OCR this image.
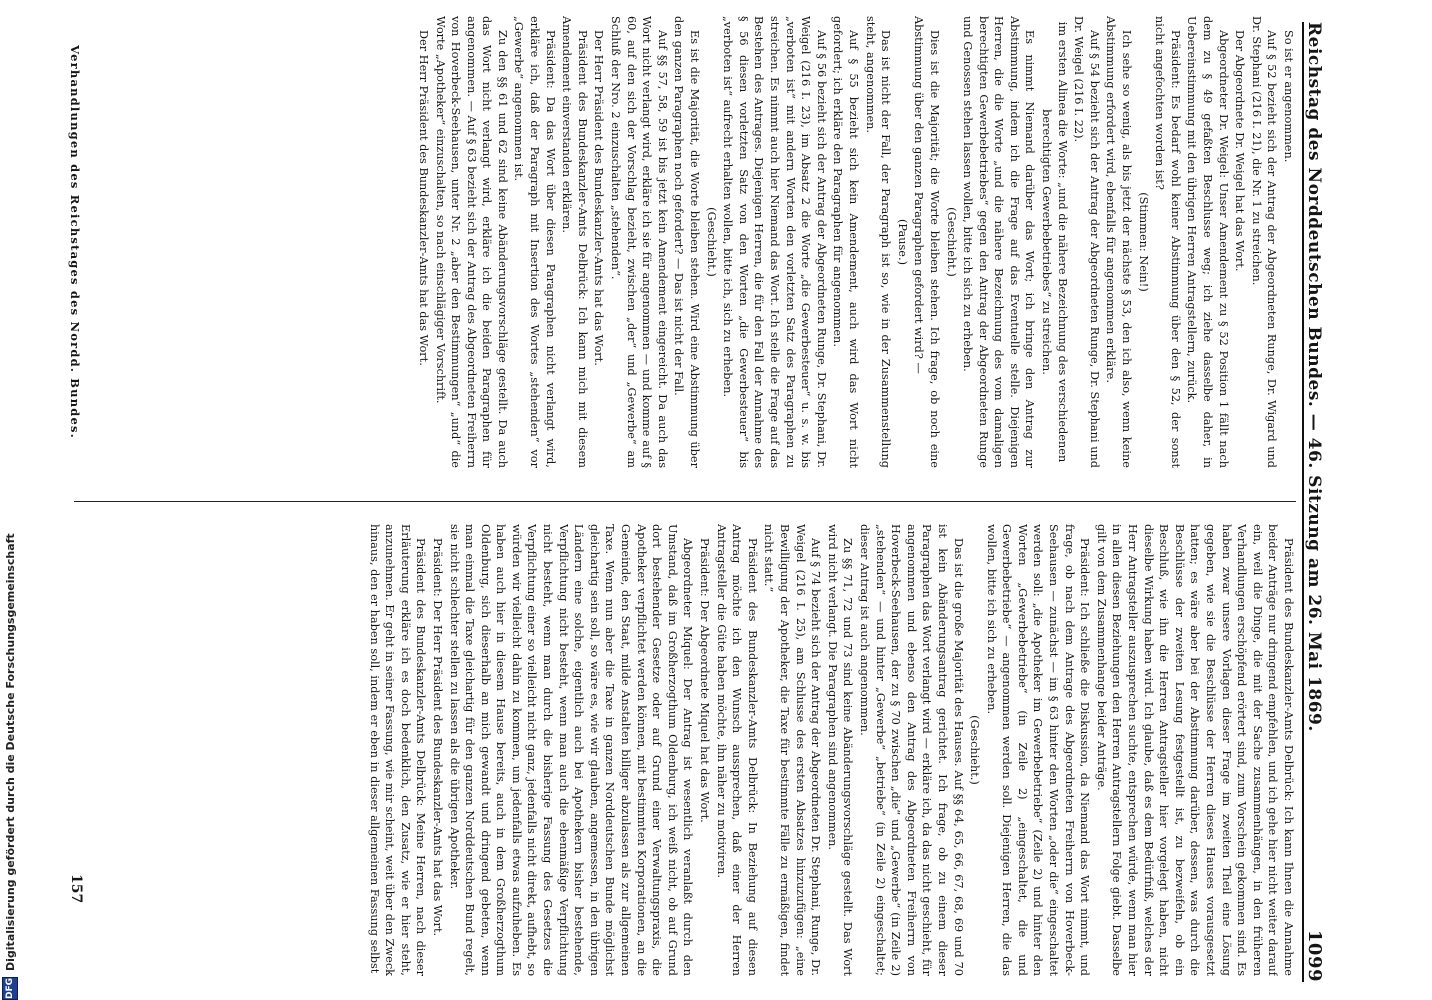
Reichstag des Norddeutschen Bundes. — 46. Sitzung am 26. Mai 1869.
1099

So ist er angenommen.

Auf § 52 bezieht sich der Antrag der Abgeordneten Runge, Dr. Wigard und Dr. Stephani (216 I. 21), die Nr. 1 zu streichen.

Der Abgeordnete Dr. Weigel hat das Wort.

Abgeordneter Dr. Weigel: Unser Amendement zu § 52 Position 1 fällt nach dem zu § 49 gefaßten Beschlusse weg; ich ziehe dasselbe daher, in Uebereinstimmung mit den übrigen Herren Antragstellern, zurück.

Präsident: Es bedarf wohl keiner Abstimmung über den § 52, der sonst nicht angefochten worden ist?

(Stimmen: Nein!)

Ich sehe so wenig, als bis jetzt der nächste § 53, den ich also, wenn keine Abstimmung erfordert wird, ebenfalls für angenommen erkläre.

Auf § 54 bezieht sich der Antrag der Abgeordneten Runge, Dr. Stephani und Dr. Weigel (216 I. 22).

im ersten Alinea die Worte: „und die nähere Bezeichnung des verschiedenen berechtigten Gewerbebetriebes“ zu streichen.

Es nimmt Niemand darüber das Wort; ich bringe den Antrag zur Abstimmung, indem ich die Frage auf das Eventuelle stelle. Diejenigen Herren, die die Worte „und die nähere Bezeichnung des vom damaligen berechtigten Gewerbebetriebes“ gegen den Antrag der Abgeordneten Runge und Genossen stehen lassen wollen, bitte ich sich zu erheben.

(Geschieht.)

Dies ist die Majorität; die Worte bleiben stehen. Ich frage, ob noch eine Abstimmung über den ganzen Paragraphen gefordert wird? —

(Pause.)

Das ist nicht der Fall, der Paragraph ist so, wie in der Zusammenstellung steht, angenommen.

Auf § 55 bezieht sich kein Amendement, auch wird das Wort nicht gefordert; ich erkläre den Paragraphen für angenommen.

Auf § 56 bezieht sich der Antrag der Abgeordneten Runge, Dr. Stephani, Dr. Weigel (216 I. 23), im Absatz 2 die Worte „die Gewerbesteuer“ u. s. w. bis „verboten ist“ mit andern Worten den vorletzten Satz des Paragraphen zu streichen. Es nimmt auch hier Niemand das Wort. Ich stelle die Frage auf das Bestehen des Antrages. Diejenigen Herren, die für den Fall der Annahme des § 56 diesen vorletzten Satz von den Worten „die Gewerbesteuer“ bis „verboten ist“ aufrecht erhalten wollen, bitte ich, sich zu erheben.

(Geschieht.)

Es ist die Majorität, die Worte bleiben stehen. Wird eine Abstimmung über den ganzen Paragraphen noch gefordert? — Das ist nicht der Fall.

Auf §§ 57, 58, 59 ist bis jetzt kein Amendement eingereicht. Da auch das Wort nicht verlangt wird, erkläre ich sie für angenommen — und komme auf § 60, auf den sich der Vorschlag bezieht, zwischen „der“ und „Gewerbe“ am Schluß der Nro. 2 einzuschalten „stehenden“.

Der Herr Präsident des Bundeskanzler-Amts hat das Wort.

Präsident des Bundeskanzler-Amts Delbrück: Ich kann mich mit diesem Amendement einverstanden erklären.

Präsident: Da das Wort über diesen Paragraphen nicht verlangt wird, erkläre ich, daß der Paragraph mit Insertion des Wortes „stehenden“ vor „Gewerbe“ angenommen ist.

Zu den §§ 61 und 62 sind keine Abänderungsvorschläge gestellt. Da auch das Wort nicht verlangt wird, erkläre ich die beiden Paragraphen für angenommen. — Auf § 63 bezieht sich der Antrag des Abgeordneten Freiherrn von Hoverbeck-Seehausen, unter Nr. 2 „aber den Bestimmungen“ „und“ die Worte „Apotheker“ einzuschalten, so nach einschlägiger Vorschrift.

Der Herr Präsident des Bundeskanzler-Amts hat das Wort.

Präsident des Bundeskanzler-Amts Delbrück: Ich kann Ihnen die Annahme beider Anträge nur dringend empfehlen, und ich gehe hier nicht weiter darauf ein, weil die Dinge, die mit der Sache zusammenhängen, in den früheren Verhandlungen erschöpfend erörtert sind, zum Vorschein gekommen sind. Es haben zwar unsere Vorlagen dieser Frage im zweiten Theil eine Lösung gegeben, wie sie die Beschlüsse der Herren dieses Hauses vorausgesetzt hatten; es wäre aber bei der Abstimmung darüber, dessen, was durch die Beschlüsse der zweiten Lesung festgestellt ist, zu bezweifeln, ob ein Beschluß, wie ihn die Herren Antragsteller hier vorgelegt haben, nicht dieselbe Wirkung haben wird. Ich glaube, daß es dem Bedürfniß, welches der Herr Antragsteller auszusprechen suchte, entsprechen würde, wenn man hier in allen diesen Beziehungen den Herren Antragstellern Folge giebt. Dasselbe gilt von dem Zusammenhange beider Anträge.

Präsident: Ich schließe die Diskussion, da Niemand das Wort nimmt, und frage, ob nach dem Antrage des Abgeordneten Freiherrn von Hoverbeck-Seehausen — zunächst — im § 63 hinter den Worten „oder die“ eingeschaltet werden soll: „die Apotheker im Gewerbebetriebe“ (Zeile 2) und hinter den Worten „Gewerbebetriebe“ (in Zeile 2) „eingeschaltet, die und Gewerbebetriebe“ — angenommen werden soll. Diejenigen Herren, die das wollen, bitte ich sich zu erheben.

(Geschieht.)

Das ist die große Majorität des Hauses. Auf §§ 64, 65, 66, 67, 68, 69 und 70 ist kein Abänderungsantrag gerichtet. Ich frage, ob zu einem dieser Paragraphen das Wort verlangt wird — erkläre ich, da das nicht geschieht, für angenommen und ebenso den Antrag des Abgeordneten Freiherrn von Hoverbeck-Seehausen, der zu § 70 zwischen „die“ und „Gewerbe“ (in Zeile 2) „stehenden“ — und hinter „Gewerbe“ „betriebe“ (in Zeile 2) eingeschaltet; dieser Antrag ist auch angenommen.

Zu §§ 71, 72 und 73 sind keine Abänderungsvorschläge gestellt. Das Wort wird nicht verlangt. Die Paragraphen sind angenommen.

Auf § 74 bezieht sich der Antrag der Abgeordneten Dr. Stephani, Runge, Dr. Weigel (216 I. 25), am Schlusse des ersten Absatzes hinzuzufügen: „eine Bewilligung der Apotheker, die Taxe für bestimmte Fälle zu ermäßigen, findet nicht statt.“

Präsident des Bundeskanzler-Amts Delbrück: In Beziehung auf diesen Antrag möchte ich den Wunsch aussprechen, daß einer der Herren Antragsteller die Güte haben möchte, ihn näher zu motiviren.

Präsident: Der Abgeordnete Miquel hat das Wort.

Abgeordneter Miquel: Der Antrag ist wesentlich veranlaßt durch den Umstand, daß im Großherzogthum Oldenburg, ich weiß nicht, ob auf Grund dort bestehender Gesetze oder auf Grund einer Verwaltungspraxis, die Apotheker verpflichtet werden können, mit bestimmten Korporationen, an die Gemeinde, den Staat, milde Anstalten billiger abzulassen als zur allgemeinen Taxe. Wenn nun aber die Taxe in ganzen Norddeutschen Bunde möglichst gleichartig sein soll, so wäre es, wie wir glauben, angemessen, in den übrigen Ländern eine solche, eigentlich auch bei Apothekern bisher bestehende, Verpflichtung nicht besteht, wenn man auch die ebenmäßige Verpflichtung nicht besteht, wenn man durch die bisherige Fassung des Gesetzes die Verpflichtung einer so vielleicht nicht ganz, jedenfalls nicht direkt, aufhebt, so würden wir vielleicht dahin zu kommen, um jedenfalls etwas aufzuheben. Es haben auch hier in diesem Hause bereits, auch in dem Großherzogthum Oldenburg, sich dieserhalb an mich gewandt und dringend gebeten, wenn man einmal die Taxe gleichartig für den ganzen Norddeutschen Bund regelt, sie nicht schlechter stellen zu lassen als die übrigen Apotheker.

Präsident: Der Herr Präsident des Bundeskanzler-Amts hat das Wort.

Präsident des Bundeskanzler-Amts Delbrück: Meine Herren, nach dieser Erläuterung erkläre ich es doch bedenklich, den Zusatz, wie er hier steht, anzunehmen. Er geht in seiner Fassung, wie mir scheint, weit über den Zweck hinaus, den er haben soll, indem er eben in dieser allgemeinen Fassung selbst

Verhandlungen des Reichstages des Nordd. Bundes.
157
DFG
Digitalisierung gefördert durch die Deutsche Forschungsgemeinschaft
